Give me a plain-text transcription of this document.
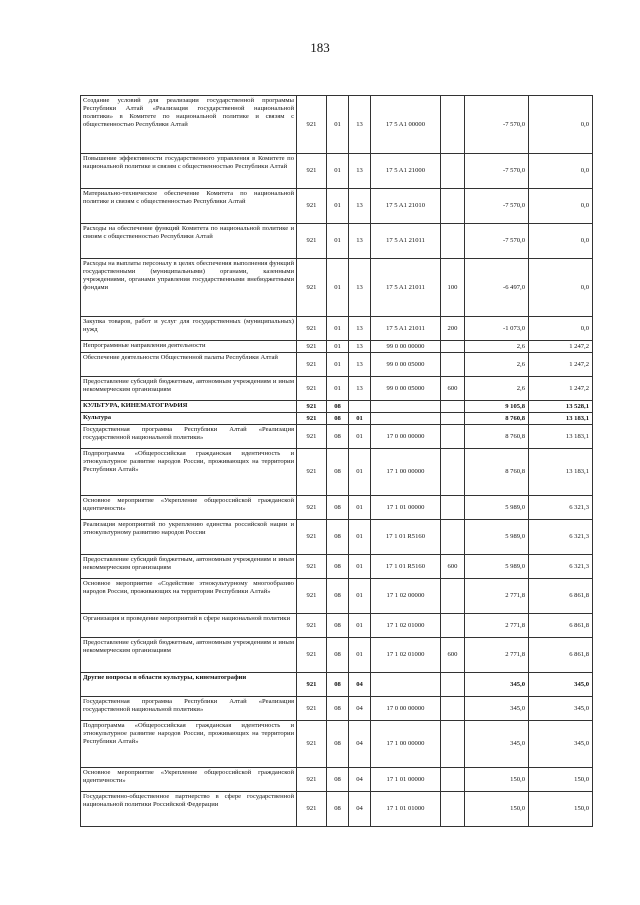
183
Создание условий для реализации государственной программы Республики Алтай «Реализация государственной национальной политики» в Комитете по национальной политике и связям с общественностью Республики Алтай	921	01	13	17 5 A1 00000		-7 570,0	0,0
Повышение эффективности государственного управления в Комитете по национальной политике и связям с общественностью Республики Алтай	921	01	13	17 5 A1 21000		-7 570,0	0,0
Материально-техническое обеспечение Комитета по национальной политике и связям с общественностью Республики Алтай	921	01	13	17 5 A1 21010		-7 570,0	0,0
Расходы на обеспечение функций Комитета по национальной политике и связям с общественностью Республики Алтай	921	01	13	17 5 A1 21011		-7 570,0	0,0
Расходы на выплаты персоналу в целях обеспечения выполнения функций государственными (муниципальными) органами, казенными учреждениями, органами управления государственными внебюджетными фондами	921	01	13	17 5 A1 21011	100	-6 497,0	0,0
Закупка товаров, работ и услуг для государственных (муниципальных) нужд	921	01	13	17 5 A1 21011	200	-1 073,0	0,0
Непрограммные направления деятельности	921	01	13	99 0 00 00000		2,6	1 247,2
Обеспечение деятельности Общественной палаты Республики Алтай	921	01	13	99 0 00 05000		2,6	1 247,2
Предоставление субсидий бюджетным, автономным учреждениям и иным некоммерческим организациям	921	01	13	99 0 00 05000	600	2,6	1 247,2
КУЛЬТУРА, КИНЕМАТОГРАФИЯ	921	08				9 105,8	13 528,1
Культура	921	08	01			8 760,8	13 183,1
Государственная программа Республики Алтай «Реализация государственной национальной политики»	921	08	01	17 0 00 00000		8 760,8	13 183,1
Подпрограмма «Общероссийская гражданская идентичность и этнокультурное развитие народов России, проживающих на территории Республики Алтай»	921	08	01	17 1 00 00000		8 760,8	13 183,1
Основное мероприятие «Укрепление общероссийской гражданской идентичности»	921	08	01	17 1 01 00000		5 989,0	6 321,3
Реализация мероприятий по укреплению единства российской нации и этнокультурному развитию народов России	921	08	01	17 1 01 R5160		5 989,0	6 321,3
Предоставление субсидий бюджетным, автономным учреждениям и иным некоммерческим организациям	921	08	01	17 1 01 R5160	600	5 989,0	6 321,3
Основное мероприятие «Содействие этнокультурному многообразию народов России, проживающих на территории Республики Алтай»	921	08	01	17 1 02 00000		2 771,8	6 861,8
Организация и проведение мероприятий в сфере национальной политики	921	08	01	17 1 02 01000		2 771,8	6 861,8
Предоставление субсидий бюджетным, автономным учреждениям и иным некоммерческим организациям	921	08	01	17 1 02 01000	600	2 771,8	6 861,8
Другие вопросы в области культуры, кинематографии	921	08	04			345,0	345,0
Государственная программа Республики Алтай «Реализация государственной национальной политики»	921	08	04	17 0 00 00000		345,0	345,0
Подпрограмма «Общероссийская гражданская идентичность и этнокультурное развитие народов России, проживающих на территории Республики Алтай»	921	08	04	17 1 00 00000		345,0	345,0
Основное мероприятие «Укрепление общероссийской гражданской идентичности»	921	08	04	17 1 01 00000		150,0	150,0
Государственно-общественное партнерство в сфере государственной национальной политики Российской Федерации	921	08	04	17 1 01 01000		150,0	150,0
